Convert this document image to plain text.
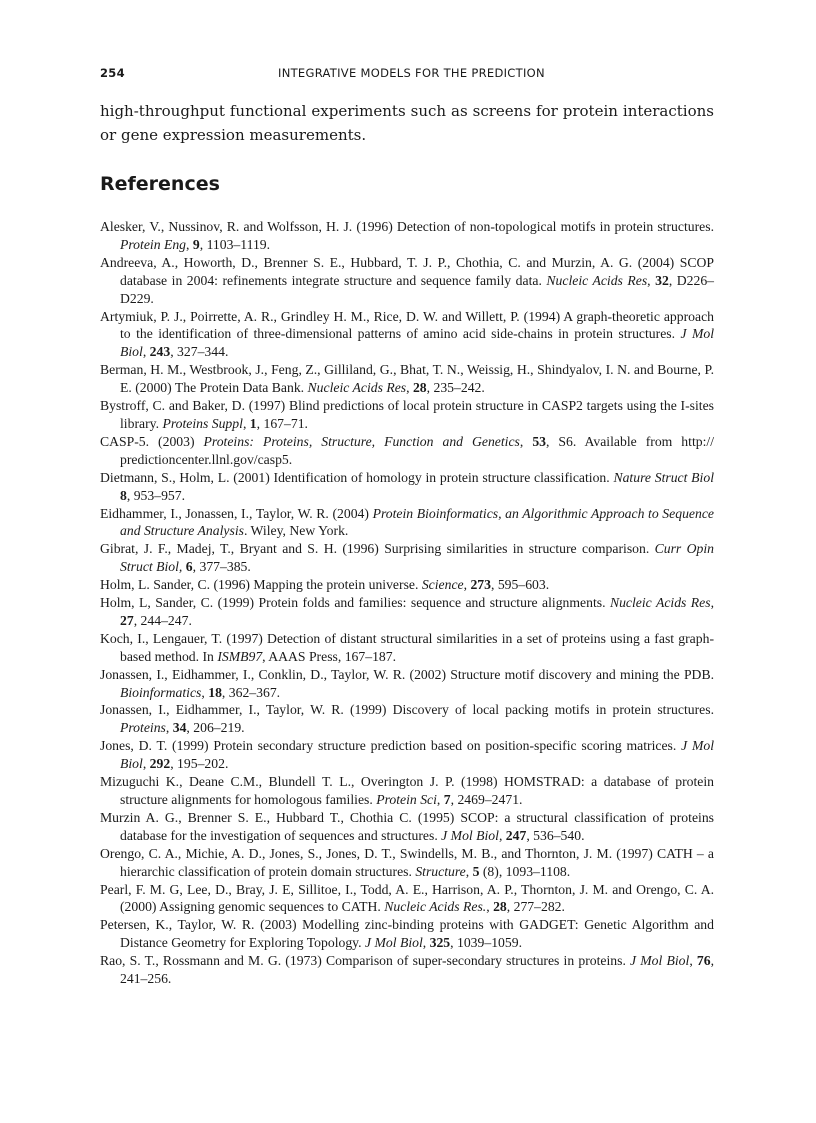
254	INTEGRATIVE MODELS FOR THE PREDICTION

high-throughput functional experiments such as screens for protein interactions or gene expression measurements.

References
Alesker, V., Nussinov, R. and Wolfsson, H. J. (1996) Detection of non-topological motifs in protein structures. Protein Eng, 9, 1103–1119.
Andreeva, A., Howorth, D., Brenner S. E., Hubbard, T. J. P., Chothia, C. and Murzin, A. G. (2004) SCOP database in 2004: refinements integrate structure and sequence family data. Nucleic Acids Res, 32, D226–D229.
Artymiuk, P. J., Poirrette, A. R., Grindley H. M., Rice, D. W. and Willett, P. (1994) A graph-theoretic approach to the identification of three-dimensional patterns of amino acid side-chains in protein structures. J Mol Biol, 243, 327–344.
Berman, H. M., Westbrook, J., Feng, Z., Gilliland, G., Bhat, T. N., Weissig, H., Shindyalov, I. N. and Bourne, P. E. (2000) The Protein Data Bank. Nucleic Acids Res, 28, 235–242.
Bystroff, C. and Baker, D. (1997) Blind predictions of local protein structure in CASP2 targets using the I-sites library. Proteins Suppl, 1, 167–71.
CASP-5. (2003) Proteins: Proteins, Structure, Function and Genetics, 53, S6. Available from http:// predictioncenter.llnl.gov/casp5.
Dietmann, S., Holm, L. (2001) Identification of homology in protein structure classification. Nature Struct Biol 8, 953–957.
Eidhammer, I., Jonassen, I., Taylor, W. R. (2004) Protein Bioinformatics, an Algorithmic Approach to Sequence and Structure Analysis. Wiley, New York.
Gibrat, J. F., Madej, T., Bryant and S. H. (1996) Surprising similarities in structure comparison. Curr Opin Struct Biol, 6, 377–385.
Holm, L. Sander, C. (1996) Mapping the protein universe. Science, 273, 595–603.
Holm, L, Sander, C. (1999) Protein folds and families: sequence and structure alignments. Nucleic Acids Res, 27, 244–247.
Koch, I., Lengauer, T. (1997) Detection of distant structural similarities in a set of proteins using a fast graph-based method. In ISMB97, AAAS Press, 167–187.
Jonassen, I., Eidhammer, I., Conklin, D., Taylor, W. R. (2002) Structure motif discovery and mining the PDB. Bioinformatics, 18, 362–367.
Jonassen, I., Eidhammer, I., Taylor, W. R. (1999) Discovery of local packing motifs in protein structures. Proteins, 34, 206–219.
Jones, D. T. (1999) Protein secondary structure prediction based on position-specific scoring matrices. J Mol Biol, 292, 195–202.
Mizuguchi K., Deane C.M., Blundell T. L., Overington J. P. (1998) HOMSTRAD: a database of protein structure alignments for homologous families. Protein Sci, 7, 2469–2471.
Murzin A. G., Brenner S. E., Hubbard T., Chothia C. (1995) SCOP: a structural classification of proteins database for the investigation of sequences and structures. J Mol Biol, 247, 536–540.
Orengo, C. A., Michie, A. D., Jones, S., Jones, D. T., Swindells, M. B., and Thornton, J. M. (1997) CATH – a hierarchic classification of protein domain structures. Structure, 5 (8), 1093–1108.
Pearl, F. M. G, Lee, D., Bray, J. E, Sillitoe, I., Todd, A. E., Harrison, A. P., Thornton, J. M. and Orengo, C. A. (2000) Assigning genomic sequences to CATH. Nucleic Acids Res., 28, 277–282.
Petersen, K., Taylor, W. R. (2003) Modelling zinc-binding proteins with GADGET: Genetic Algorithm and Distance Geometry for Exploring Topology. J Mol Biol, 325, 1039–1059.
Rao, S. T., Rossmann and M. G. (1973) Comparison of super-secondary structures in proteins. J Mol Biol, 76, 241–256.
